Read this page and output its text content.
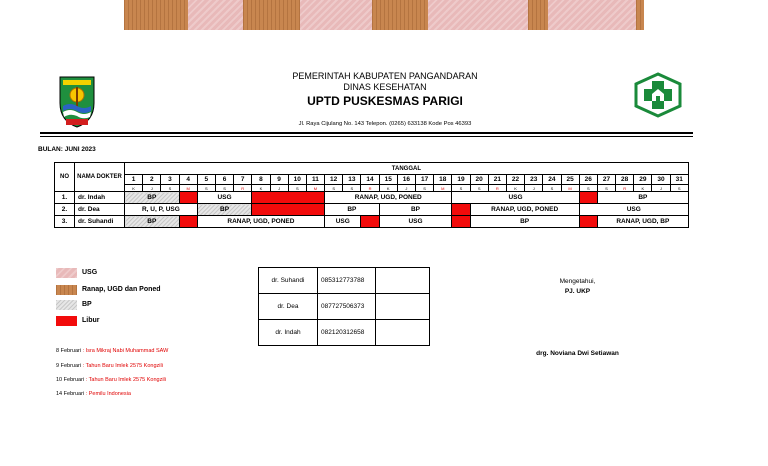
PEMERINTAH KABUPATEN PANGANDARAN
DINAS KESEHATAN
UPTD PUSKESMAS PARIGI
Jl. Raya Cijulang No. 143 Telepon. (0265) 633138 Kode Pos 46393
BULAN: JUNI 2023
NO	NAMA DOKTER	TANGGAL																														
		1	2	3	4	5	6	7	8	9	10	11	12	13	14	15	16	17	18	19	20	21	22	23	24	25	26	27	28	29	30	31
		K	J	S	M	S	S	R	K	J	S	M	S	S	R	K	J	S	M	S	S	R	K	J	S	M	S	S	R	K	J	S
1.	dr. Indah	BP				USG							RANAP, UGD, PONED							USG								BP				
2.	dr. Dea	R, U, P, USG				BP							BP			BP					RANAP, UGD, PONED						USG					
3.	dr. Suhandi	BP				RANAP, UGD, PONED							USG			USG					BP							RANAP, UGD, BP				
USG
Ranap, UGD dan Poned
BP
Libur
8 Februari : Isra Mikraj Nabi Muhammad SAW
9 Februari : Tahun Baru Imlek 2575 Kongzili
10 Februari : Tahun Baru Imlek 2575 Kongzili
14 Februari : Pemilu Indonesia
dr. Suhandi	085312773788	
dr. Dea	087727506373	
dr. Indah	082120312658	
Mengetahui,
PJ. UKP
drg. Noviana Dwi Setiawan
